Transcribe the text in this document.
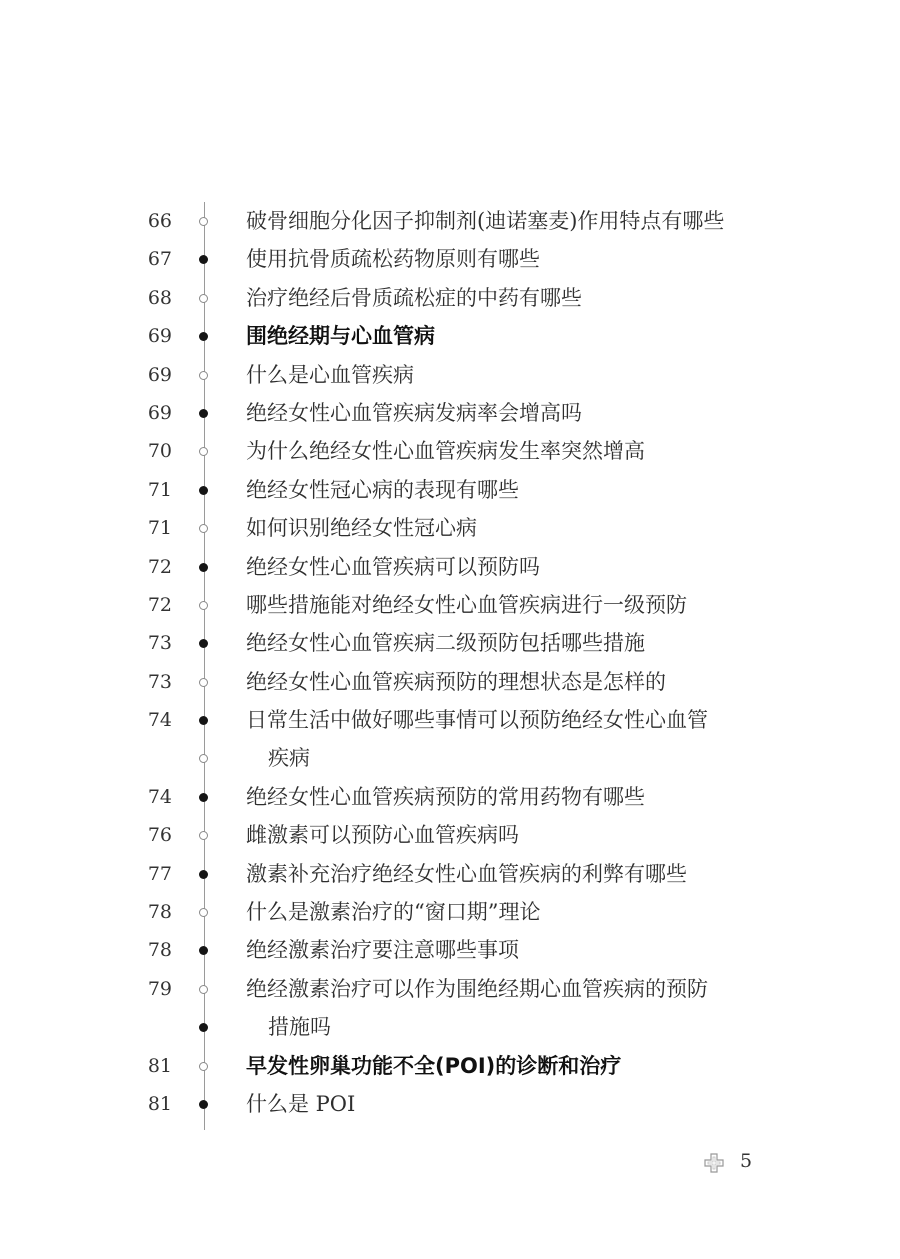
66	破骨细胞分化因子抑制剂(迪诺塞麦)作用特点有哪些
67	使用抗骨质疏松药物原则有哪些
68	治疗绝经后骨质疏松症的中药有哪些
69	围绝经期与心血管病
69	什么是心血管疾病
69	绝经女性心血管疾病发病率会增高吗
70	为什么绝经女性心血管疾病发生率突然增高
71	绝经女性冠心病的表现有哪些
71	如何识别绝经女性冠心病
72	绝经女性心血管疾病可以预防吗
72	哪些措施能对绝经女性心血管疾病进行一级预防
73	绝经女性心血管疾病二级预防包括哪些措施
73	绝经女性心血管疾病预防的理想状态是怎样的
74	日常生活中做好哪些事情可以预防绝经女性心血管
疾病
74	绝经女性心血管疾病预防的常用药物有哪些
76	雌激素可以预防心血管疾病吗
77	激素补充治疗绝经女性心血管疾病的利弊有哪些
78	什么是激素治疗的“窗口期”理论
78	绝经激素治疗要注意哪些事项
79	绝经激素治疗可以作为围绝经期心血管疾病的预防
措施吗
81	早发性卵巢功能不全(POI)的诊断和治疗
81	什么是 POI
5
